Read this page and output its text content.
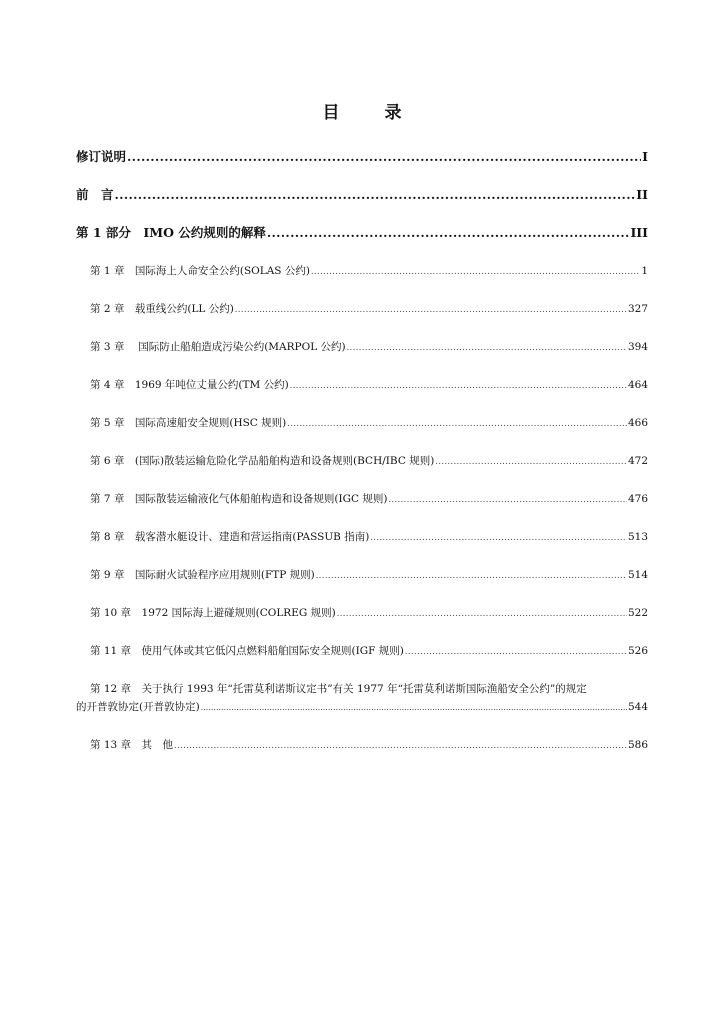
目　录
修订说明 .....	I
前　言 .....	II
第 1 部分　IMO 公约规则的解释 .....	III
第 1 章　国际海上人命安全公约(SOLAS 公约) .....	1
第 2 章　载重线公约(LL 公约) .....	327
第 3 章　 国际防止船舶造成污染公约(MARPOL 公约) .....	394
第 4 章　1969 年吨位丈量公约(TM 公约) .....	464
第 5 章　国际高速船安全规则(HSC 规则) .....	466
第 6 章　(国际)散装运输危险化学品船舶构造和设备规则(BCH/IBC 规则) .....	472
第 7 章　国际散装运输液化气体船舶构造和设备规则(IGC 规则) .....	476
第 8 章　载客潜水艇设计、建造和营运指南(PASSUB 指南) .....	513
第 9 章　国际耐火试验程序应用规则(FTP 规则) .....	514
第 10 章　1972 国际海上避碰规则(COLREG 规则) .....	522
第 11 章　使用气体或其它低闪点燃料船舶国际安全规则(IGF 规则) .....	526
第 12 章　关于执行 1993 年“托雷莫利诺斯议定书”有关 1977 年“托雷莫利诺斯国际渔船安全公约”的规定
的开普敦协定(开普敦协定) .....	544
第 13 章　其　他 .....	586
